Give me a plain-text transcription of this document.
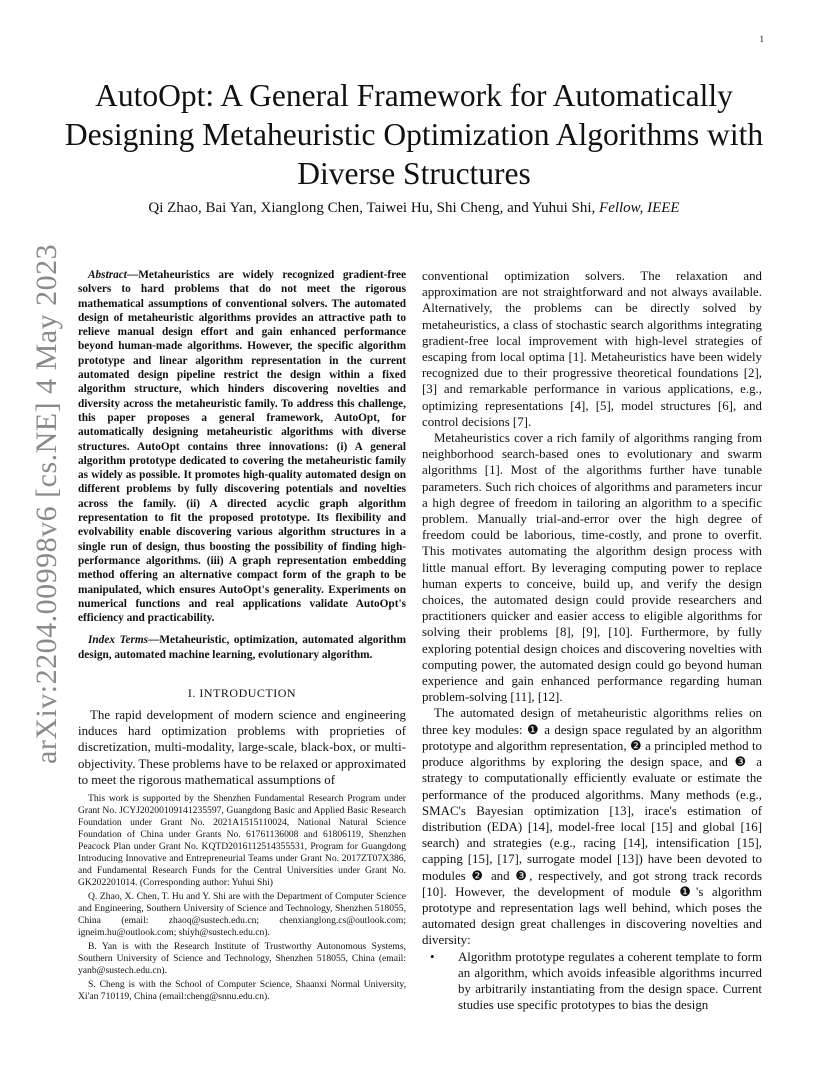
1
arXiv:2204.00998v6 [cs.NE] 4 May 2023
AutoOpt: A General Framework for Automatically Designing Metaheuristic Optimization Algorithms with Diverse Structures
Qi Zhao, Bai Yan, Xianglong Chen, Taiwei Hu, Shi Cheng, and Yuhui Shi, Fellow, IEEE

Abstract—Metaheuristics are widely recognized gradient-free solvers to hard problems that do not meet the rigorous mathematical assumptions of conventional solvers. The automated design of metaheuristic algorithms provides an attractive path to relieve manual design effort and gain enhanced performance beyond human-made algorithms. However, the specific algorithm prototype and linear algorithm representation in the current automated design pipeline restrict the design within a fixed algorithm structure, which hinders discovering novelties and diversity across the metaheuristic family. To address this challenge, this paper proposes a general framework, AutoOpt, for automatically designing metaheuristic algorithms with diverse structures. AutoOpt contains three innovations: (i) A general algorithm prototype dedicated to covering the metaheuristic family as widely as possible. It promotes high-quality automated design on different problems by fully discovering potentials and novelties across the family. (ii) A directed acyclic graph algorithm representation to fit the proposed prototype. Its flexibility and evolvability enable discovering various algorithm structures in a single run of design, thus boosting the possibility of finding high-performance algorithms. (iii) A graph representation embedding method offering an alternative compact form of the graph to be manipulated, which ensures AutoOpt's generality. Experiments on numerical functions and real applications validate AutoOpt's efficiency and practicability.

Index Terms—Metaheuristic, optimization, automated algorithm design, automated machine learning, evolutionary algorithm.

I. INTRODUCTION

The rapid development of modern science and engineering induces hard optimization problems with proprieties of discretization, multi-modality, large-scale, black-box, or multi-objectivity. These problems have to be relaxed or approximated to meet the rigorous mathematical assumptions of

This work is supported by the Shenzhen Fundamental Research Program under Grant No. JCYJ20200109141235597, Guangdong Basic and Applied Basic Research Foundation under Grant No. 2021A1515110024, National Natural Science Foundation of China under Grants No. 61761136008 and 61806119, Shenzhen Peacock Plan under Grant No. KQTD2016112514355531, Program for Guangdong Introducing Innovative and Entrepreneurial Teams under Grant No. 2017ZT07X386, and Fundamental Research Funds for the Central Universities under Grant No. GK202201014. (Corresponding author: Yuhui Shi)

Q. Zhao, X. Chen, T. Hu and Y. Shi are with the Department of Computer Science and Engineering, Southern University of Science and Technology, Shenzhen 518055, China (email: zhaoq@sustech.edu.cn; chenxianglong.cs@outlook.com; igneim.hu@outlook.com; shiyh@sustech.edu.cn).

B. Yan is with the Research Institute of Trustworthy Autonomous Systems, Southern University of Science and Technology, Shenzhen 518055, China (email: yanb@sustech.edu.cn).

S. Cheng is with the School of Computer Science, Shaanxi Normal University, Xi'an 710119, China (email:cheng@snnu.edu.cn).

conventional optimization solvers. The relaxation and approximation are not straightforward and not always available. Alternatively, the problems can be directly solved by metaheuristics, a class of stochastic search algorithms integrating gradient-free local improvement with high-level strategies of escaping from local optima [1]. Metaheuristics have been widely recognized due to their progressive theoretical foundations [2], [3] and remarkable performance in various applications, e.g., optimizing representations [4], [5], model structures [6], and control decisions [7].

Metaheuristics cover a rich family of algorithms ranging from neighborhood search-based ones to evolutionary and swarm algorithms [1]. Most of the algorithms further have tunable parameters. Such rich choices of algorithms and parameters incur a high degree of freedom in tailoring an algorithm to a specific problem. Manually trial-and-error over the high degree of freedom could be laborious, time-costly, and prone to overfit. This motivates automating the algorithm design process with little manual effort. By leveraging computing power to replace human experts to conceive, build up, and verify the design choices, the automated design could provide researchers and practitioners quicker and easier access to eligible algorithms for solving their problems [8], [9], [10]. Furthermore, by fully exploring potential design choices and discovering novelties with computing power, the automated design could go beyond human experience and gain enhanced performance regarding human problem-solving [11], [12].

The automated design of metaheuristic algorithms relies on three key modules: ❶ a design space regulated by an algorithm prototype and algorithm representation, ❷ a principled method to produce algorithms by exploring the design space, and ❸ a strategy to computationally efficiently evaluate or estimate the performance of the produced algorithms. Many methods (e.g., SMAC's Bayesian optimization [13], irace's estimation of distribution (EDA) [14], model-free local [15] and global [16] search) and strategies (e.g., racing [14], intensification [15], capping [15], [17], surrogate model [13]) have been devoted to modules ❷ and ❸, respectively, and got strong track records [10]. However, the development of module ❶'s algorithm prototype and representation lags well behind, which poses the automated design great challenges in discovering novelties and diversity:

•	Algorithm prototype regulates a coherent template to form an algorithm, which avoids infeasible algorithms incurred by arbitrarily instantiating from the design space. Current studies use specific prototypes to bias the design
